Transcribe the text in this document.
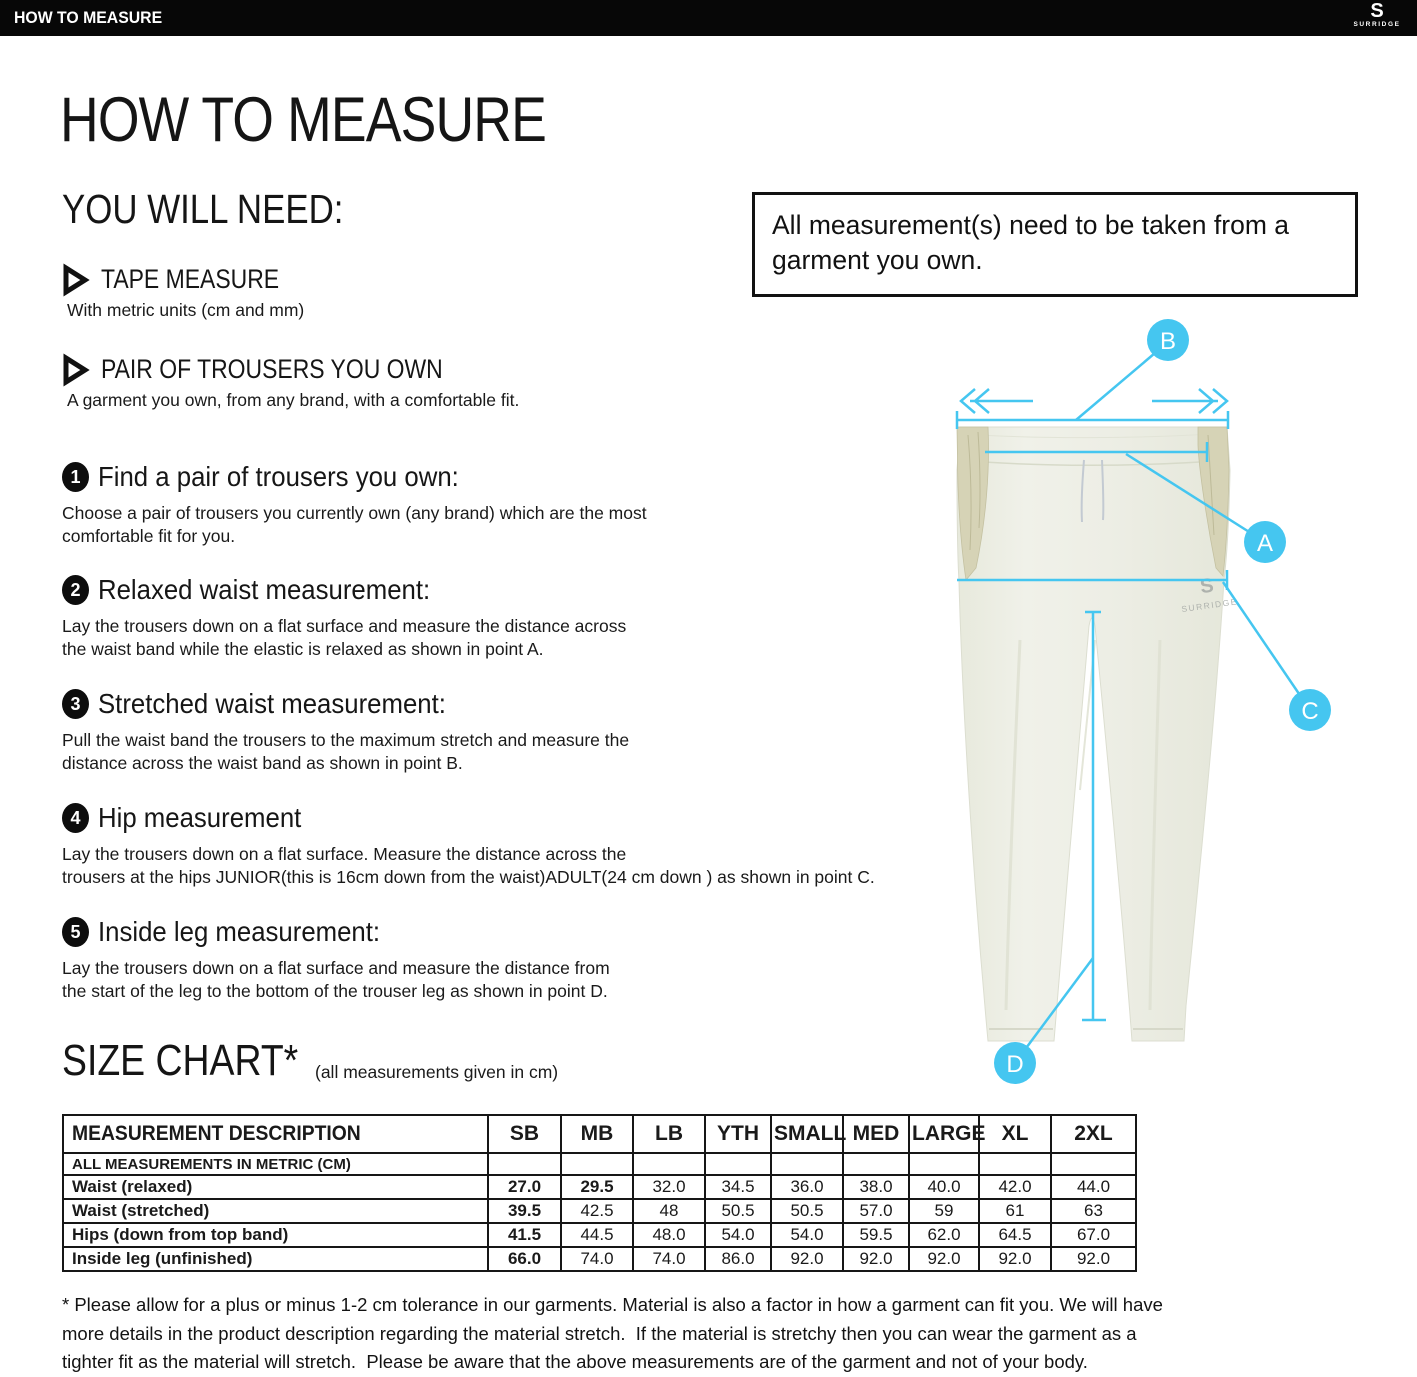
HOW TO MEASURE	S
SURRIDGE
HOW TO MEASURE
YOU WILL NEED:
TAPE MEASURE
With metric units (cm and mm)
PAIR OF TROUSERS YOU OWN
A garment you own, from any brand, with a comfortable fit.
1 Find a pair of trousers you own:
Choose a pair of trousers you currently own (any brand) which are the most
comfortable fit for you.
2 Relaxed waist measurement:
Lay the trousers down on a flat surface and measure the distance across
the waist band while the elastic is relaxed as shown in point A.
3 Stretched waist measurement:
Pull the waist band the trousers to the maximum stretch and measure the
distance across the waist band as shown in point B.
4 Hip measurement
Lay the trousers down on a flat surface. Measure the distance across the
trousers at the hips JUNIOR(this is 16cm down from the waist)ADULT(24 cm down ) as shown in point C.
5 Inside leg measurement:
Lay the trousers down on a flat surface and measure the distance from
the start of the leg to the bottom of the trouser leg as shown in point D.
SIZE CHART* (all measurements given in cm)
MEASUREMENT DESCRIPTION	SB	MB	LB	YTH	SMALL	MED	LARGE	XL	2XL
ALL MEASUREMENTS IN METRIC (CM)									
Waist (relaxed)	27.0	29.5	32.0	34.5	36.0	38.0	40.0	42.0	44.0
Waist (stretched)	39.5	42.5	48	50.5	50.5	57.0	59	61	63
Hips (down from top band)	41.5	44.5	48.0	54.0	54.0	59.5	62.0	64.5	67.0
Inside leg (unfinished)	66.0	74.0	74.0	86.0	92.0	92.0	92.0	92.0	92.0
* Please allow for a plus or minus 1-2 cm tolerance in our garments. Material is also a factor in how a garment can fit you. We will have
more details in the product description regarding the material stretch.  If the material is stretchy then you can wear the garment as a
tighter fit as the material will stretch.  Please be aware that the above measurements are of the garment and not of your body.
All measurement(s) need to be taken from a
garment you own.
S
SURRIDGE
B
A
C
D
